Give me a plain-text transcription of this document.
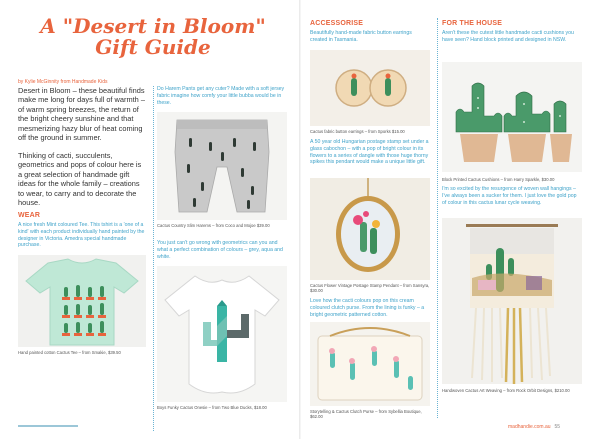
A "Desert in Bloom"
Gift Guide
by Kylie McGinnity from Handmade Kids

Desert in Bloom – these beautiful finds make me long for days full of warmth – of warm spring breezes, the return of the bright cheery sunshine and that mesmerizing hazy blur of heat coming off the ground in summer.

Thinking of cacti, succulents, geometrics and pops of colour here is a great selection of handmade gift ideas for the whole family – creations to wear, to carry and to decorate the house.

WEAR
A nice fresh Mint coloured Tee. This tshirt is a 'one of a kind' with each product individually hand painted by the designer in Victoria. Amedra special handmade purchase.
Hand painted cotton Cactus Tee – from Smakie, $39.50
Do Harem Pants get any cuter? Made with a soft jersey fabric imagine how comfy your little bubba would be in these.
Cactus Country Slim Harems – from Coco and Mojoe $39.00
You just can't go wrong with geometrics can you and what a perfect combination of colours – grey, aqua and white.
Boys Funky Cactus Onesie – from Two Blue Ducks, $18.00
ACCESSORISE
Beautifully hand-made fabric button earrings created in Tasmania.
Cactus fabric button earrings – from Sporks $15.00
A 50 year old Hungarian postage stamp set under a glass cabochon – with a pop of bright colour in its flowers to a series of dangle with those huge thorny spikes this pendant would make a unique little gift.
Cactus Flower Vintage Postage Stamp Pendant – from Sansyra, $30.00
Love how the cacti colours pop on this cream coloured clutch purse. From the lining is funky – a bright geometric patterned cotton.
Storytelling & Cactus Clutch Purse – from Sybellia Boutique, $62.00
FOR THE HOUSE
Aren't these the cutest little handmade cacti cushions you have seen? Hand block printed and designed in NSW.
Block Printed Cactus Cushions – from Harry Sparkle, $30.00
I'm so excited by the resurgence of woven wall hangings – I've always been a sucker for them. I just love the gold pop of colour in this cactus lunar cycle weaving.
Handwoven Cactus Art Weaving – from Rock Orbit Designs, $210.00
madhandie.com.au 55
